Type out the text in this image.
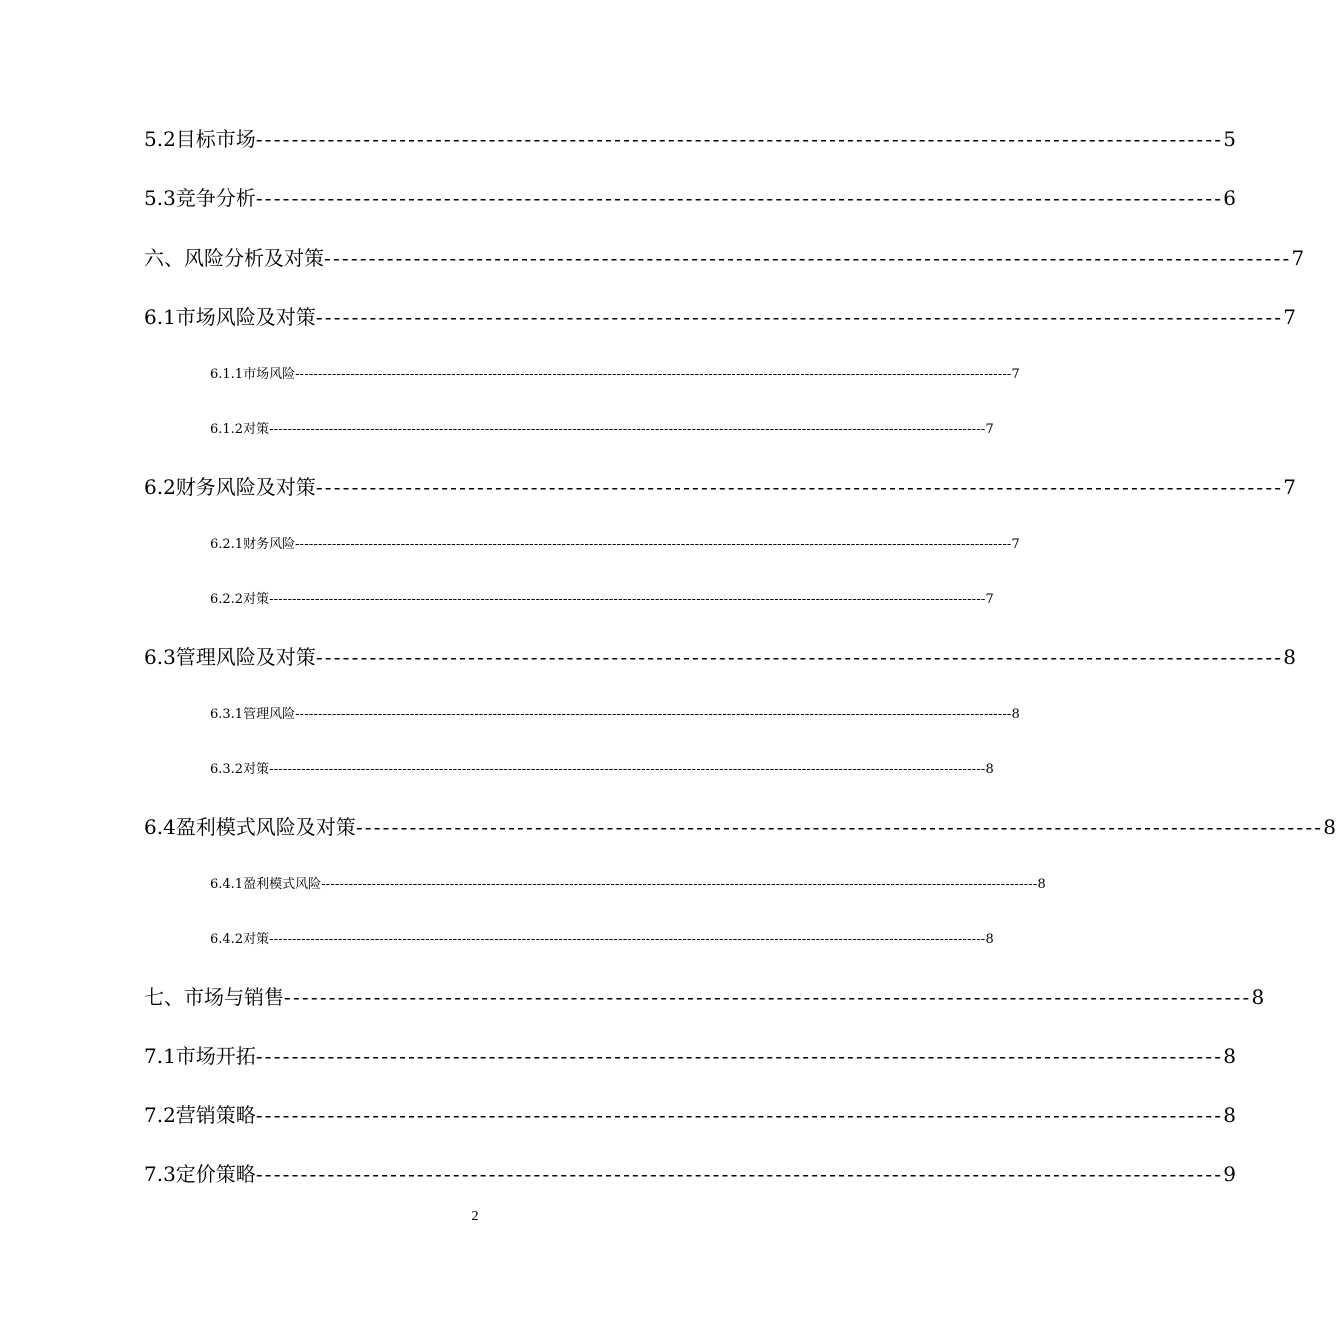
5.2目标市场 ------------------------------------------------------------------------------------------------------------ 5
5.3竞争分析 ------------------------------------------------------------------------------------------------------------ 6
六、风险分析及对策 ------------------------------------------------------------------------------------------------------------ 7
6.1市场风险及对策 ------------------------------------------------------------------------------------------------------------ 7
6.1.1市场风险 ------------------------------------------------------------------------------------------------------------------------------------------------------------ 7
6.1.2对策 ------------------------------------------------------------------------------------------------------------------------------------------------------------ 7
6.2财务风险及对策 ------------------------------------------------------------------------------------------------------------ 7
6.2.1财务风险 ------------------------------------------------------------------------------------------------------------------------------------------------------------ 7
6.2.2对策 ------------------------------------------------------------------------------------------------------------------------------------------------------------ 7
6.3管理风险及对策 ------------------------------------------------------------------------------------------------------------ 8
6.3.1管理风险 ------------------------------------------------------------------------------------------------------------------------------------------------------------ 8
6.3.2对策 ------------------------------------------------------------------------------------------------------------------------------------------------------------ 8
6.4盈利模式风险及对策 ------------------------------------------------------------------------------------------------------------ 8
6.4.1盈利模式风险 ------------------------------------------------------------------------------------------------------------------------------------------------------------ 8
6.4.2对策 ------------------------------------------------------------------------------------------------------------------------------------------------------------ 8
七、市场与销售 ------------------------------------------------------------------------------------------------------------ 8
7.1市场开拓 ------------------------------------------------------------------------------------------------------------ 8
7.2营销策略 ------------------------------------------------------------------------------------------------------------ 8
7.3定价策略 ------------------------------------------------------------------------------------------------------------ 9
2
